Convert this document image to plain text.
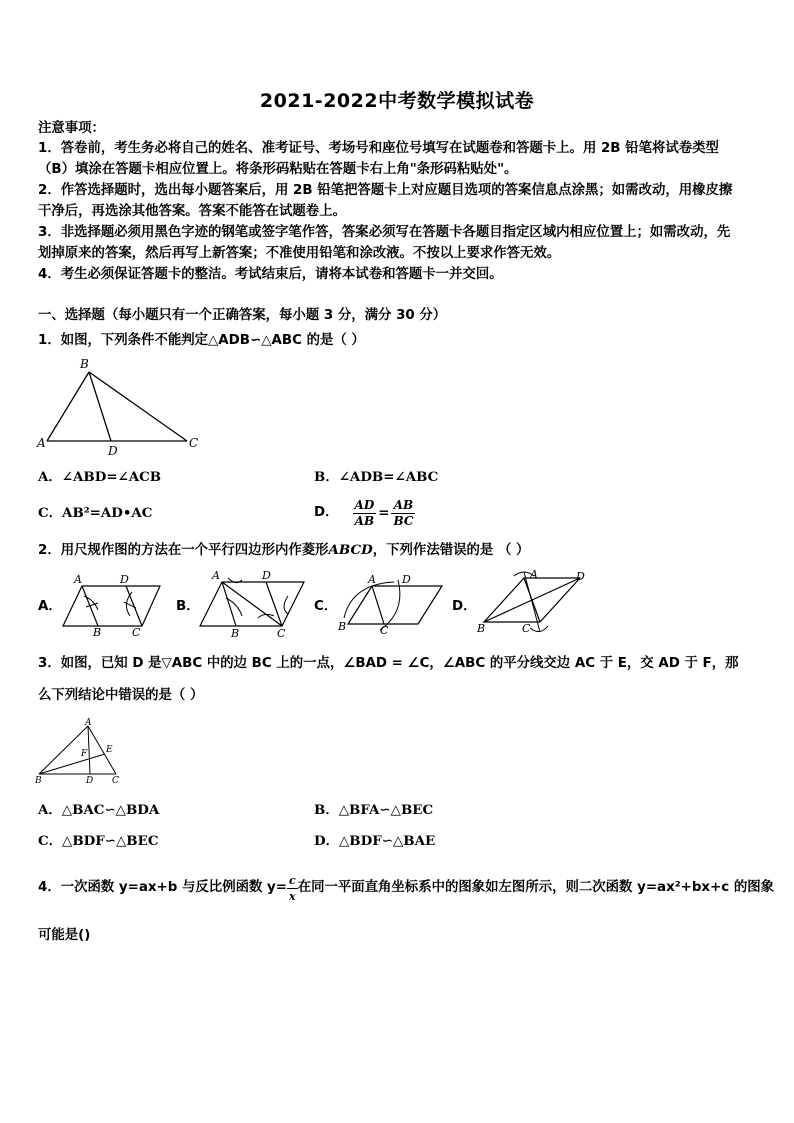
2021-2022中考数学模拟试卷
注意事项：
1．答卷前，考生务必将自己的姓名、准考证号、考场号和座位号填写在试题卷和答题卡上。用 2B 铅笔将试卷类型
（B）填涂在答题卡相应位置上。将条形码粘贴在答题卡右上角"条形码粘贴处"。
2．作答选择题时，选出每小题答案后，用 2B 铅笔把答题卡上对应题目选项的答案信息点涂黑；如需改动，用橡皮擦
干净后，再选涂其他答案。答案不能答在试题卷上。
3．非选择题必须用黑色字迹的钢笔或签字笔作答，答案必须写在答题卡各题目指定区域内相应位置上；如需改动，先
划掉原来的答案，然后再写上新答案；不准使用铅笔和涂改液。不按以上要求作答无效。
4．考生必须保证答题卡的整洁。考试结束后，请将本试卷和答题卡一并交回。
一、选择题（每小题只有一个正确答案，每小题 3 分，满分 30 分）
1．如图，下列条件不能判定△ADB∽△ABC 的是（ ）
B
A	C
D
A．∠ABD=∠ACB	B．∠ADB=∠ABC
C．AB²=AD•AC	D． $\frac{AD}{AB} = \frac{AB}{BC}$
2．用尺规作图的方法在一个平行四边形内作菱形ABCD，下列作法错误的是 （ ）
A．
A	D
B	C
B．
A	D
B	C
C．
A D
B	C
D．
A	D
B	C
3．如图，已知 D 是▽ABC 中的边 BC 上的一点，∠BAD = ∠C，∠ABC 的平分线交边 AC 于 E，交 AD 于 F，那
么下列结论中错误的是（ ）
A
B	C
D
E
F
A．△BAC∽△BDA	B．△BFA∽△BEC
C．△BDF∽△BEC	D．△BDF∽△BAE
4．一次函数 y=ax+b 与反比例函数 $y= \frac{c}{x}$ 在同一平面直角坐标系中的图象如左图所示，则二次函数 y=ax²+bx+c 的图象
可能是()
